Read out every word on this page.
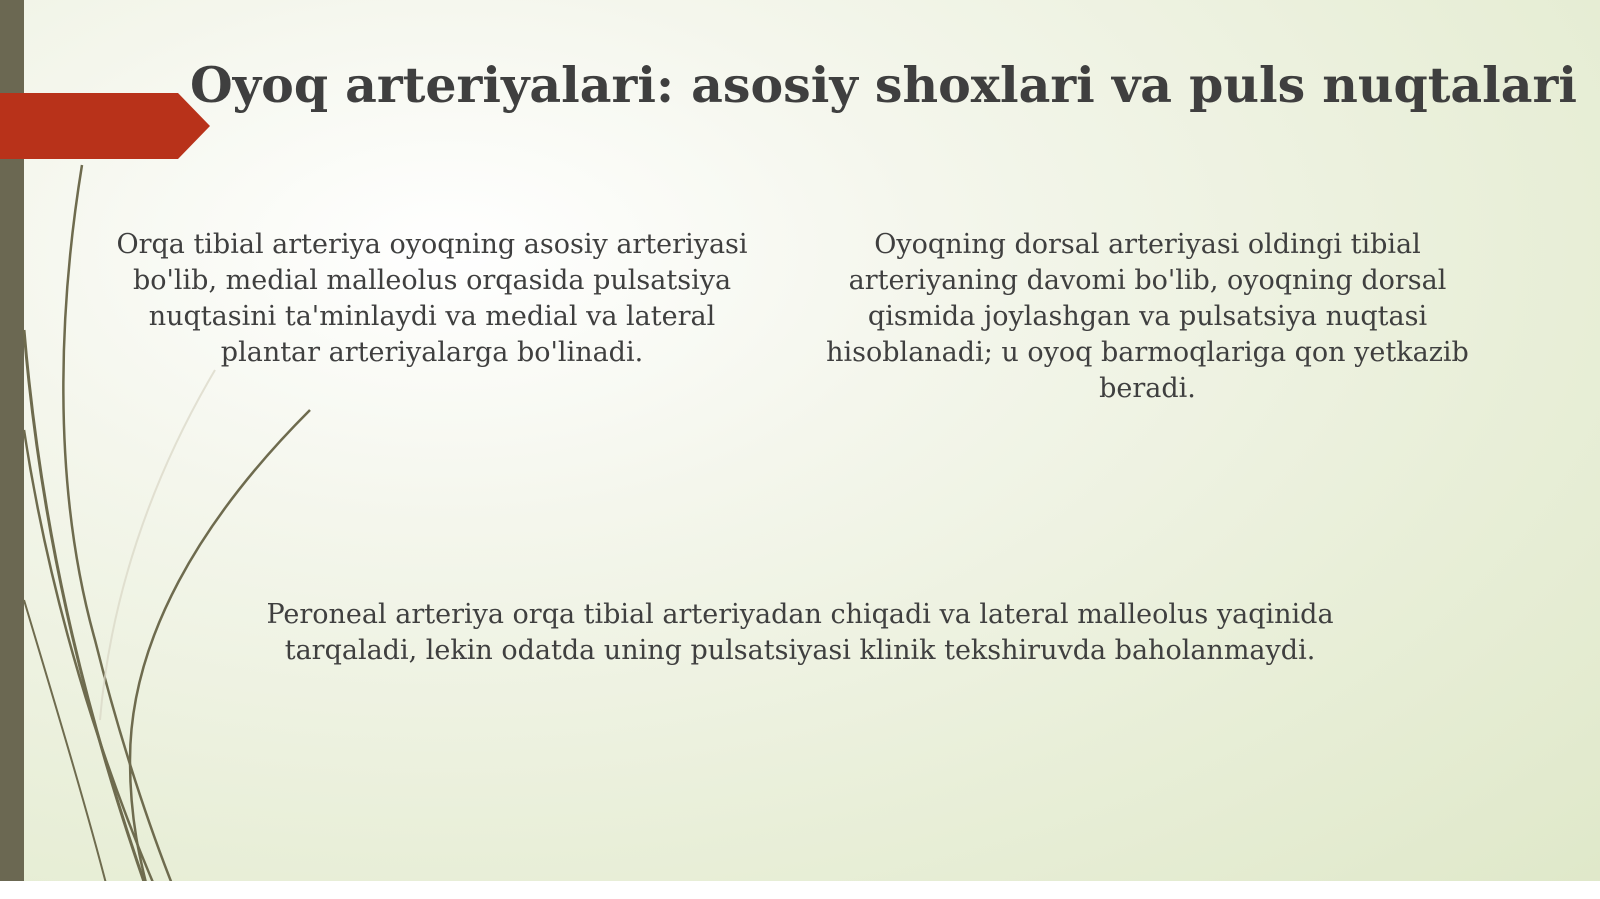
Oyoq arteriyalari: asosiy shoxlari va puls nuqtalari
Orqa tibial arteriya oyoqning asosiy arteriyasi bo'lib, medial malleolus orqasida pulsatsiya nuqtasini ta'minlaydi va medial va lateral plantar arteriyalarga bo'linadi.
Oyoqning dorsal arteriyasi oldingi tibial arteriyaning davomi bo'lib, oyoqning dorsal qismida joylashgan va pulsatsiya nuqtasi hisoblanadi; u oyoq barmoqlariga qon yetkazib beradi.
Peroneal arteriya orqa tibial arteriyadan chiqadi va lateral malleolus yaqinida tarqaladi, lekin odatda uning pulsatsiyasi klinik tekshiruvda baholanmaydi.
